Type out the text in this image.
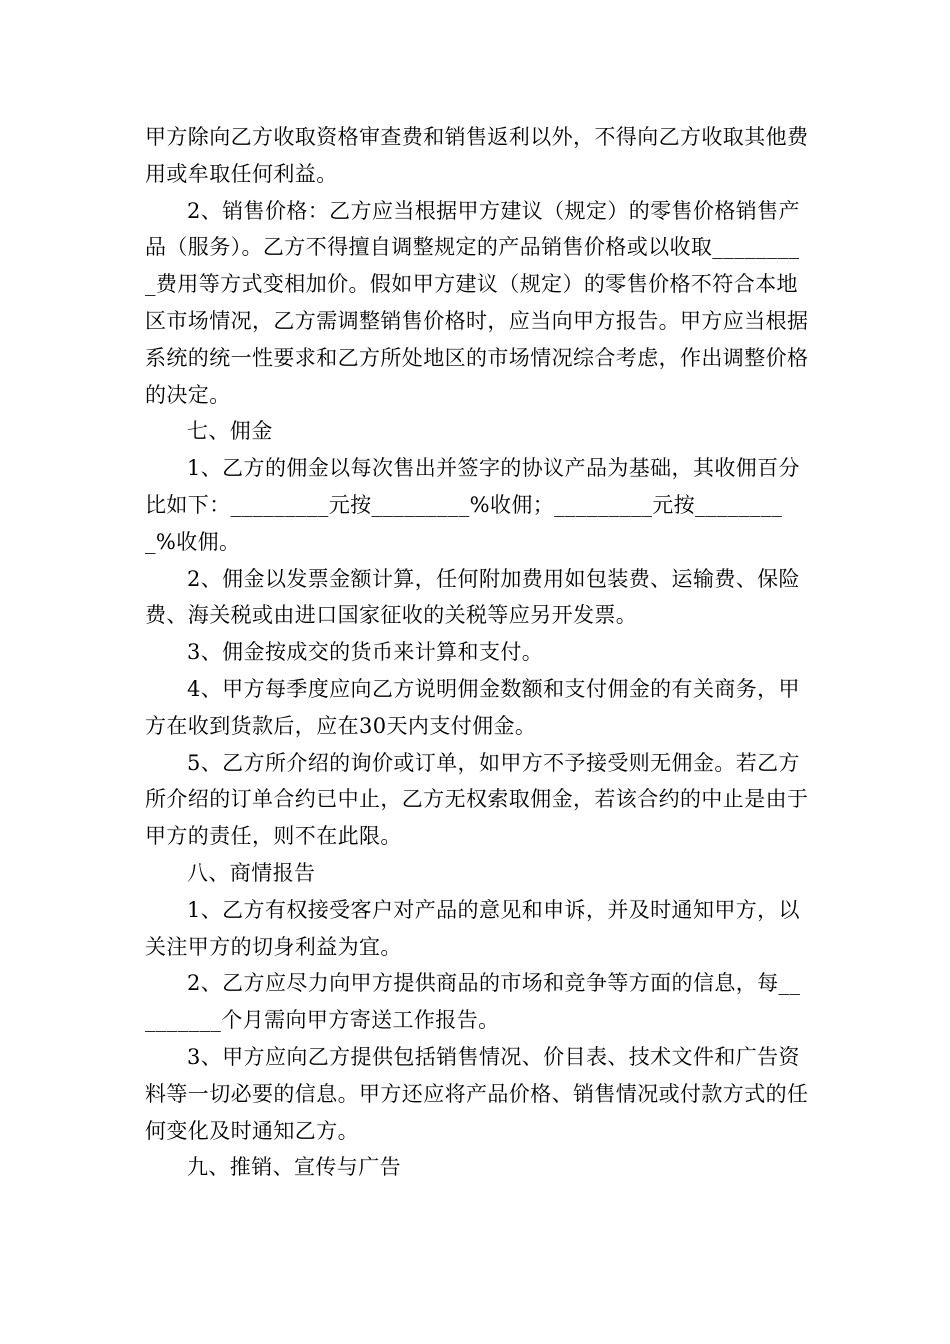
甲方除向乙方收取资格审查费和销售返利以外，不得向乙方收取其他费用或牟取任何利益。

2、销售价格：乙方应当根据甲方建议（规定）的零售价格销售产品（服务）。乙方不得擅自调整规定的产品销售价格或以收取_________费用等方式变相加价。假如甲方建议（规定）的零售价格不符合本地区市场情况，乙方需调整销售价格时，应当向甲方报告。甲方应当根据系统的统一性要求和乙方所处地区的市场情况综合考虑，作出调整价格的决定。

七、佣金

1、乙方的佣金以每次售出并签字的协议产品为基础，其收佣百分比如下：_________元按_________%收佣；_________元按_________%收佣。

2、佣金以发票金额计算，任何附加费用如包装费、运输费、保险费、海关税或由进口国家征收的关税等应另开发票。

3、佣金按成交的货币来计算和支付。

4、甲方每季度应向乙方说明佣金数额和支付佣金的有关商务，甲方在收到货款后，应在30天内支付佣金。

5、乙方所介绍的询价或订单，如甲方不予接受则无佣金。若乙方所介绍的订单合约已中止，乙方无权索取佣金，若该合约的中止是由于甲方的责任，则不在此限。

八、商情报告

1、乙方有权接受客户对产品的意见和申诉，并及时通知甲方，以关注甲方的切身利益为宜。

2、乙方应尽力向甲方提供商品的市场和竞争等方面的信息，每_________个月需向甲方寄送工作报告。

3、甲方应向乙方提供包括销售情况、价目表、技术文件和广告资料等一切必要的信息。甲方还应将产品价格、销售情况或付款方式的任何变化及时通知乙方。

九、推销、宣传与广告
